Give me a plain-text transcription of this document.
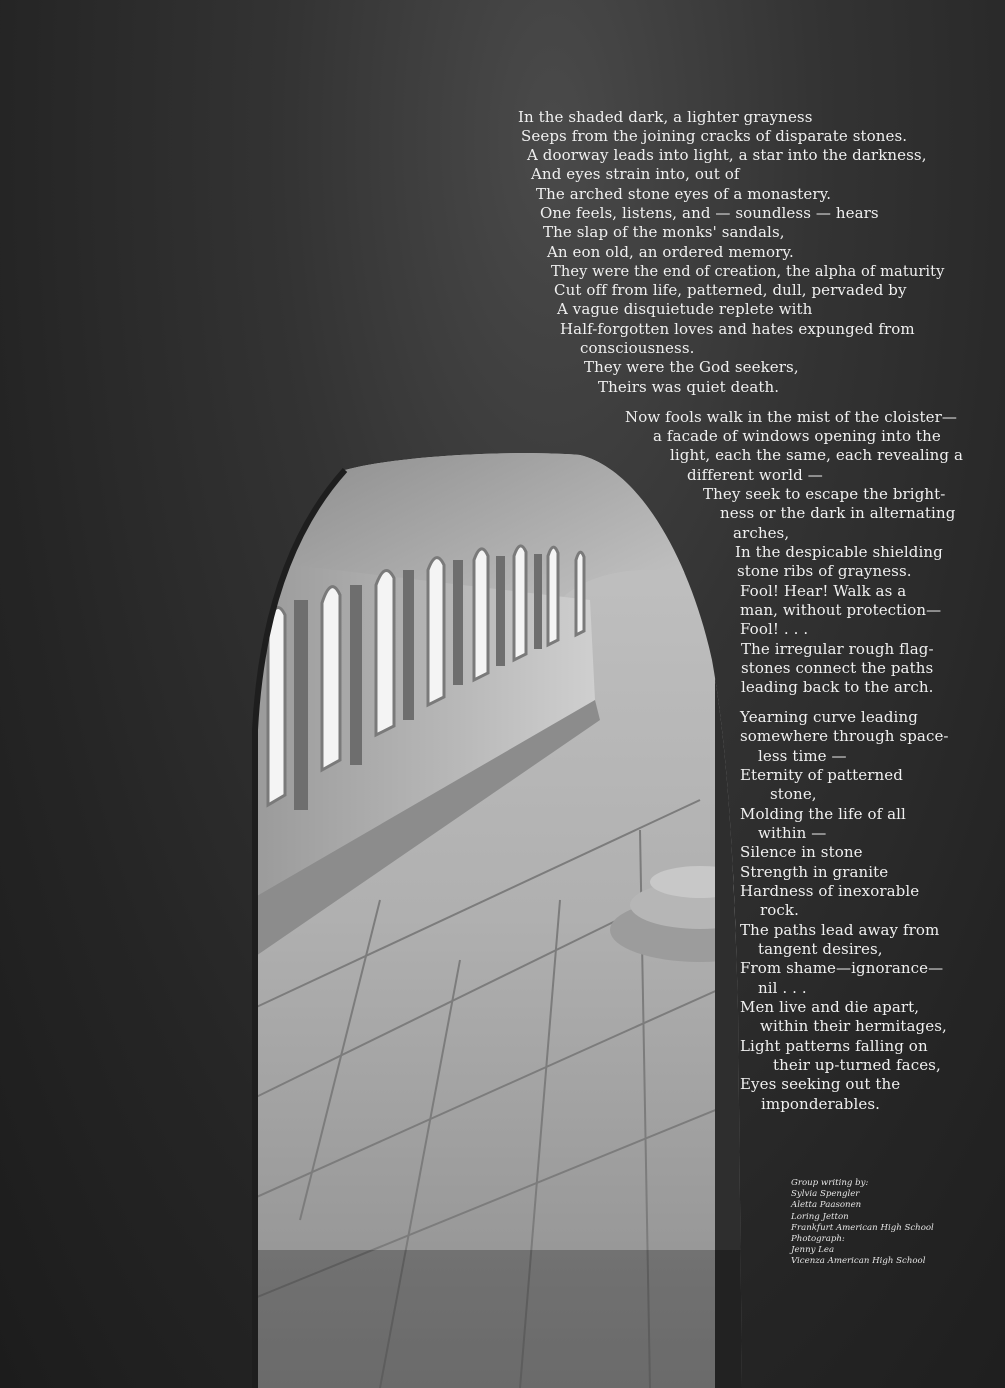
In the shaded dark, a lighter grayness
Seeps from the joining cracks of disparate stones.
A doorway leads into light, a star into the darkness,
And eyes strain into, out of
The arched stone eyes of a monastery.
One feels, listens, and — soundless — hears
The slap of the monks' sandals,
An eon old, an ordered memory.
They were the end of creation, the alpha of maturity
Cut off from life, patterned, dull, pervaded by
A vague disquietude replete with
Half-forgotten loves and hates expunged from
consciousness.
They were the God seekers,
Theirs was quiet death.
Now fools walk in the mist of the cloister—
a facade of windows opening into the
light, each the same, each revealing a
different world —
They seek to escape the bright-
ness or the dark in alternating
arches,
In the despicable shielding
stone ribs of grayness.
Fool! Hear! Walk as a
man, without protection—
Fool! . . .
The irregular rough flag-
stones connect the paths
leading back to the arch.
Yearning curve leading
somewhere through space-
less time —
Eternity of patterned
stone,
Molding the life of all
within —
Silence in stone
Strength in granite
Hardness of inexorable
rock.
The paths lead away from
tangent desires,
From shame—ignorance—
nil . . .
Men live and die apart,
within their hermitages,
Light patterns falling on
their up-turned faces,
Eyes seeking out the
imponderables.
Group writing by:
Sylvia Spengler
Aletta Paasonen
Loring Jetton
Frankfurt American High School
Photograph:
Jenny Lea
Vicenza American High School
